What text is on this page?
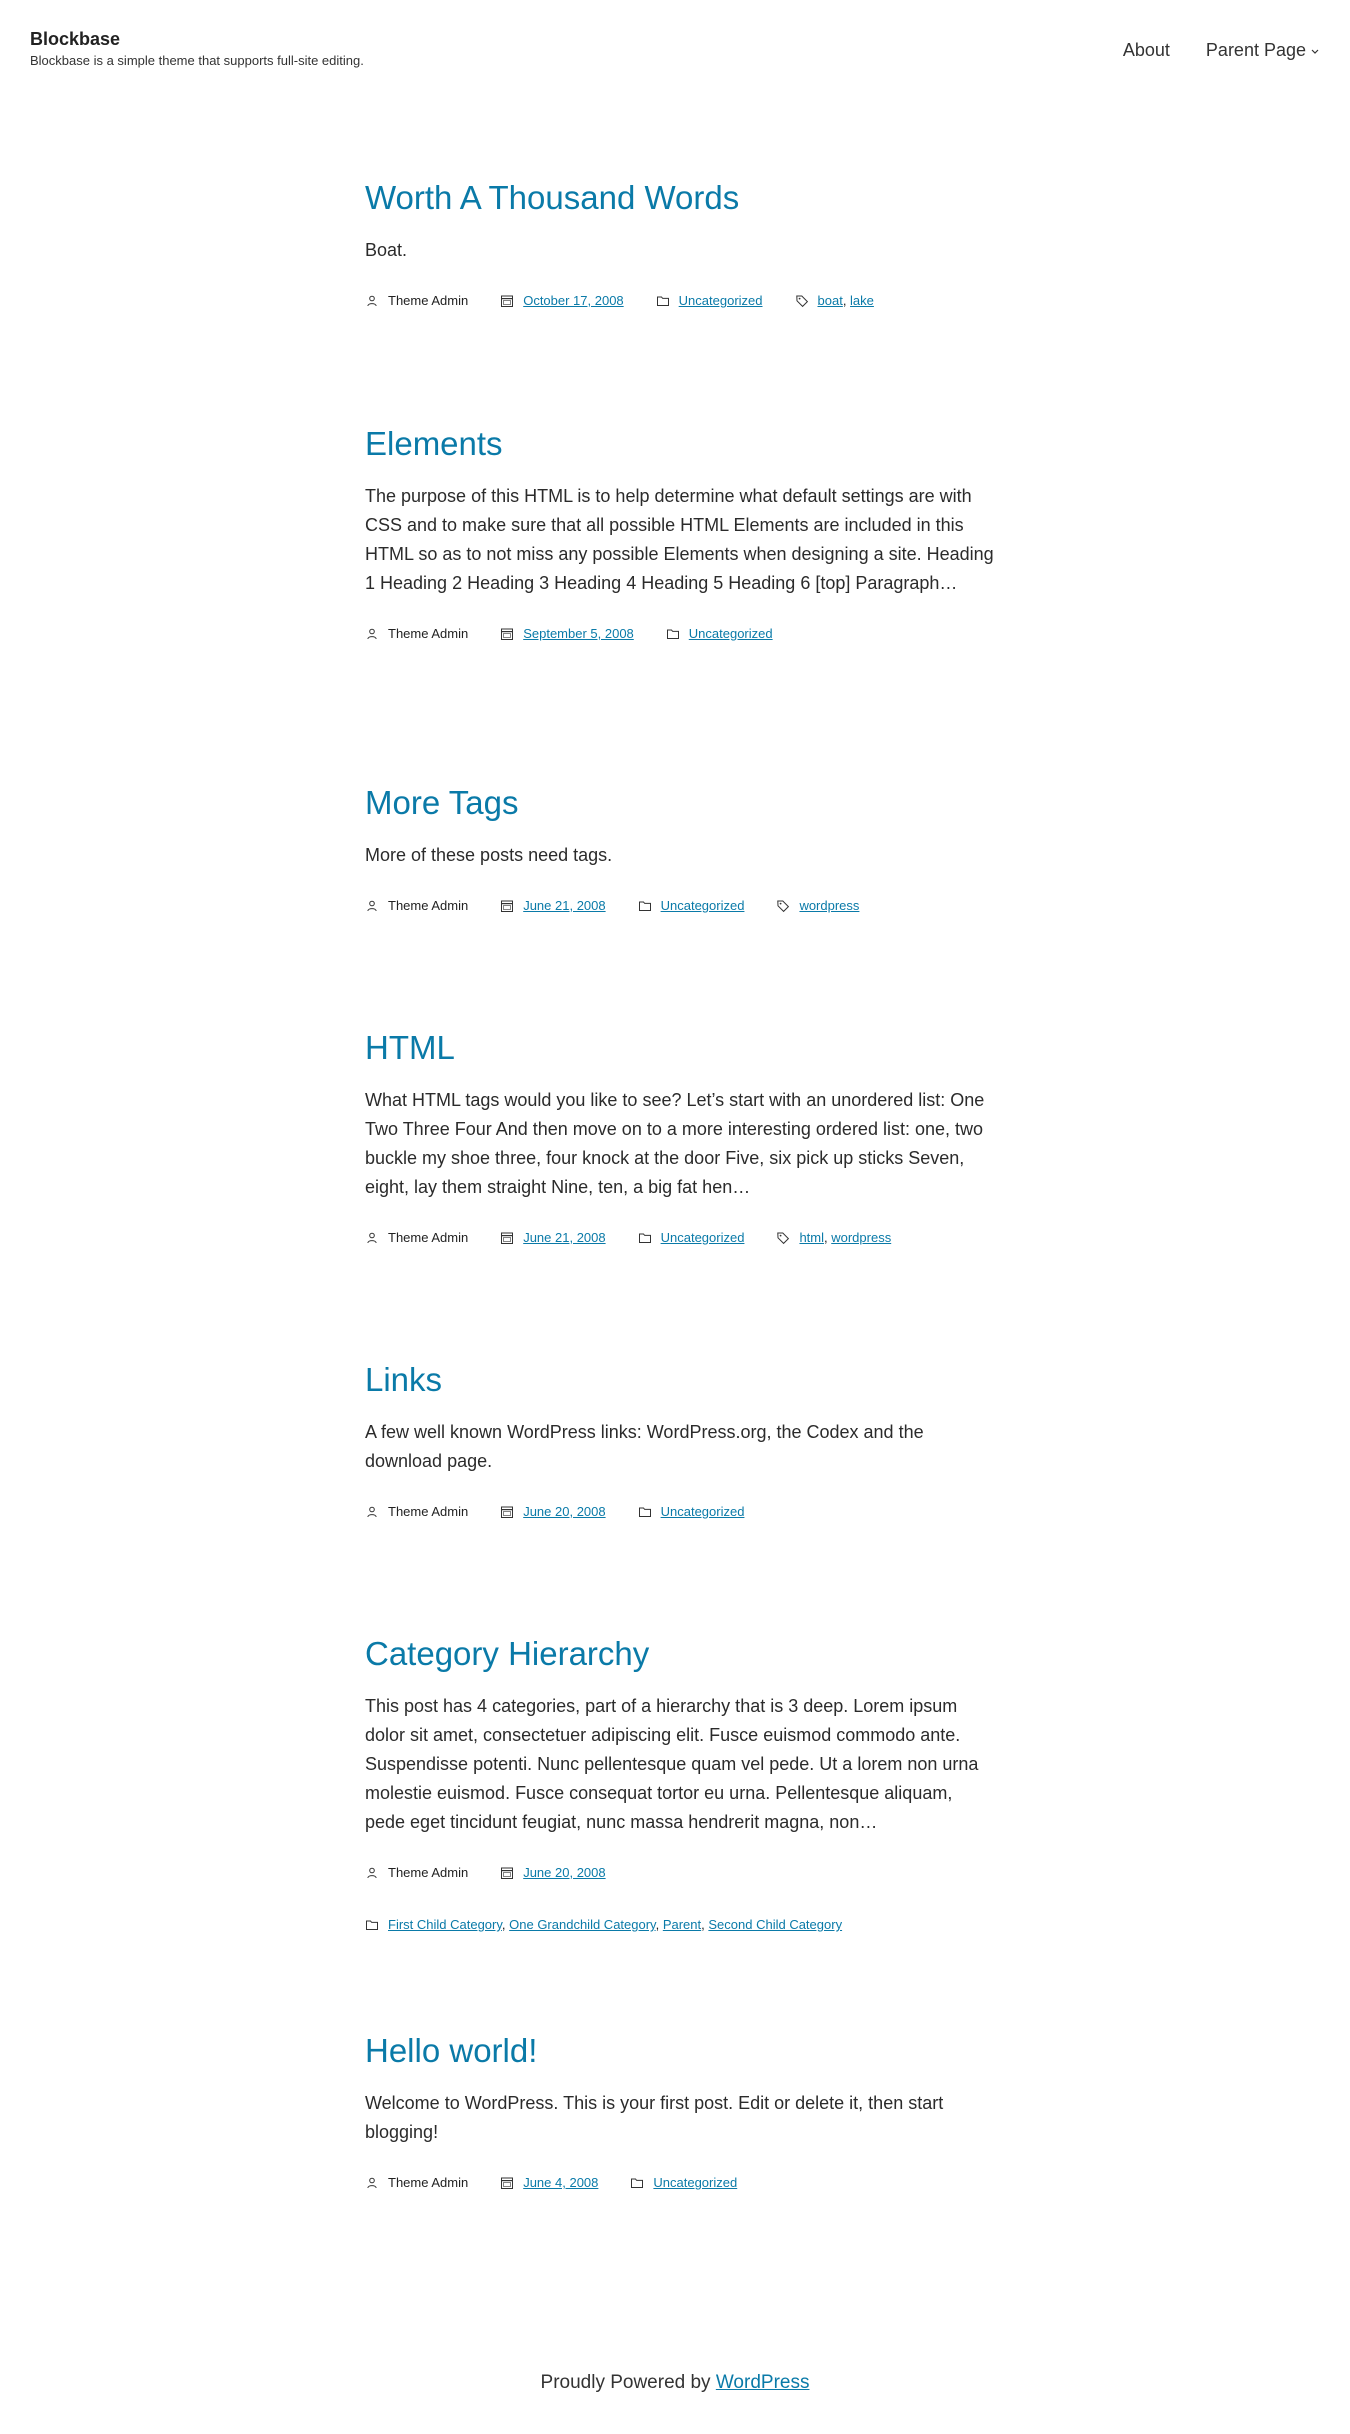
Blockbase
Blockbase is a simple theme that supports full-site editing.
About Parent Page
Worth A Thousand Words

Boat.

Theme Admin	October 17, 2008	Uncategorized	boat, lake
Elements

The purpose of this HTML is to help determine what default settings are with CSS and to make sure that all possible HTML Elements are included in this HTML so as to not miss any possible Elements when designing a site. Heading 1 Heading 2 Heading 3 Heading 4 Heading 5 Heading 6 [top] Paragraph…

Theme Admin	September 5, 2008	Uncategorized
More Tags

More of these posts need tags.

Theme Admin	June 21, 2008	Uncategorized	wordpress
HTML

What HTML tags would you like to see? Let’s start with an unordered list: One Two Three Four And then move on to a more interesting ordered list: one, two buckle my shoe three, four knock at the door Five, six pick up sticks Seven, eight, lay them straight Nine, ten, a big fat hen…

Theme Admin	June 21, 2008	Uncategorized	html, wordpress
Links

A few well known WordPress links: WordPress.org, the Codex and the download page.

Theme Admin	June 20, 2008	Uncategorized
Category Hierarchy

This post has 4 categories, part of a hierarchy that is 3 deep. Lorem ipsum dolor sit amet, consectetuer adipiscing elit. Fusce euismod commodo ante. Suspendisse potenti. Nunc pellentesque quam vel pede. Ut a lorem non urna molestie euismod. Fusce consequat tortor eu urna. Pellentesque aliquam, pede eget tincidunt feugiat, nunc massa hendrerit magna, non…

Theme Admin	June 20, 2008
First Child Category, One Grandchild Category, Parent, Second Child Category
Hello world!

Welcome to WordPress. This is your first post. Edit or delete it, then start blogging!

Theme Admin	June 4, 2008	Uncategorized
Proudly Powered by WordPress
